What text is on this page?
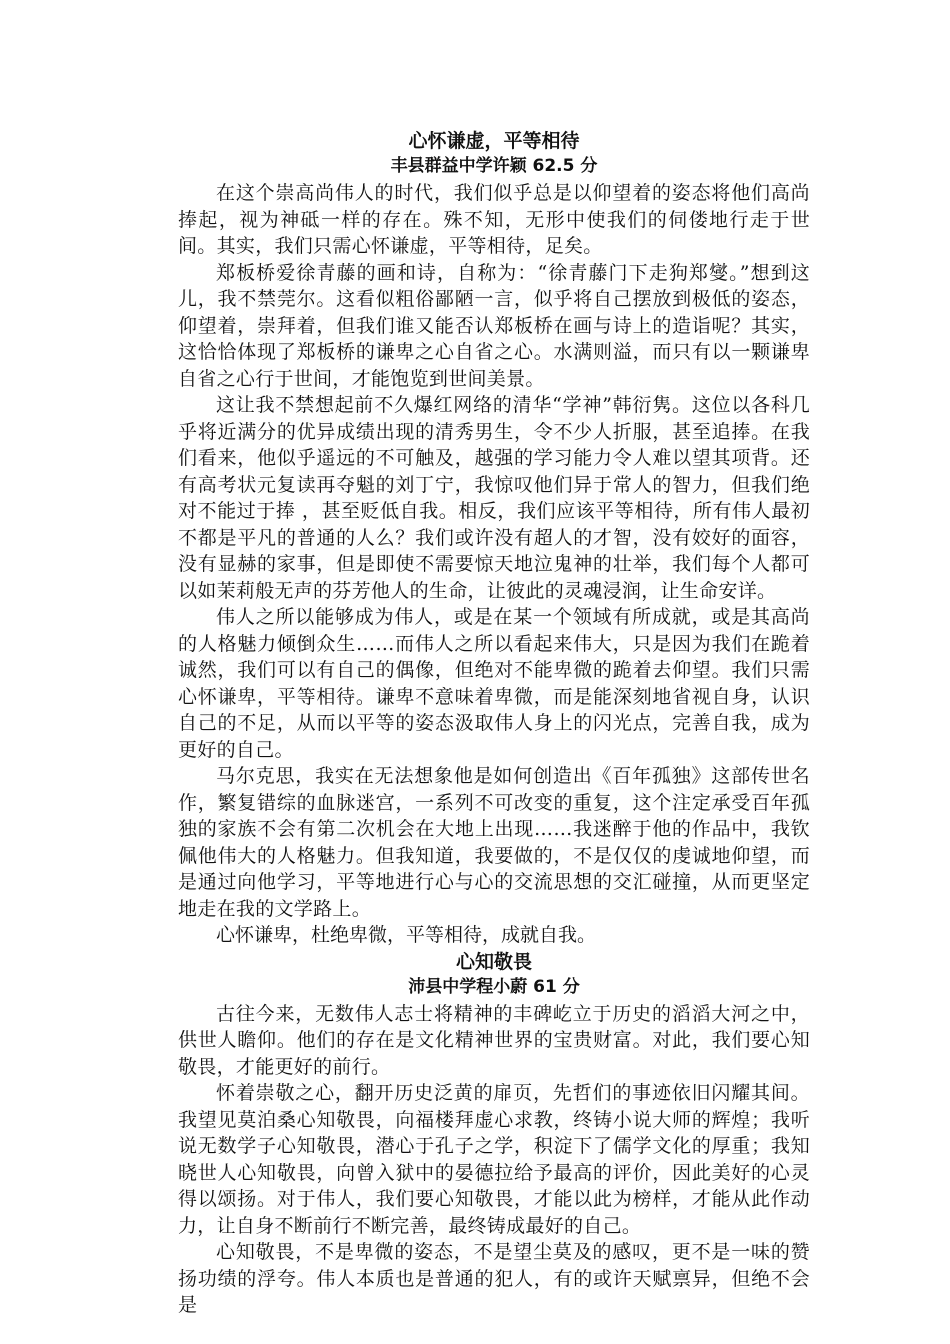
心怀谦虚，平等相待

丰县群益中学许颖 62.5 分

在这个崇高尚伟人的时代，我们似乎总是以仰望着的姿态将他们高尚捧起，视为神砥一样的存在。殊不知，无形中使我们的伺偻地行走于世间。其实，我们只需心怀谦虚，平等相待，足矣。

郑板桥爱徐青藤的画和诗，自称为：“徐青藤门下走狗郑燮。”想到这儿，我不禁莞尔。这看似粗俗鄙陋一言，似乎将自己摆放到极低的姿态，仰望着，崇拜着，但我们谁又能否认郑板桥在画与诗上的造诣呢？其实，这恰恰体现了郑板桥的谦卑之心自省之心。水满则溢，而只有以一颗谦卑自省之心行于世间，才能饱览到世间美景。

这让我不禁想起前不久爆红网络的清华“学神”韩衍隽。这位以各科几乎将近满分的优异成绩出现的清秀男生，令不少人折服，甚至追捧。在我们看来，他似乎遥远的不可触及，越强的学习能力令人难以望其项背。还有高考状元复读再夺魁的刘丁宁，我惊叹他们异于常人的智力，但我们绝对不能过于捧 ，甚至贬低自我。相反，我们应该平等相待，所有伟人最初不都是平凡的普通的人么？我们或许没有超人的才智，没有姣好的面容，没有显赫的家事，但是即使不需要惊天地泣鬼神的壮举，我们每个人都可以如茉莉般无声的芬芳他人的生命，让彼此的灵魂浸润，让生命安详。

伟人之所以能够成为伟人，或是在某一个领域有所成就，或是其高尚的人格魅力倾倒众生……而伟人之所以看起来伟大，只是因为我们在跪着诚然，我们可以有自己的偶像，但绝对不能卑微的跪着去仰望。我们只需心怀谦卑，平等相待。谦卑不意味着卑微，而是能深刻地省视自身，认识自己的不足，从而以平等的姿态汲取伟人身上的闪光点，完善自我，成为更好的自己。

马尔克思，我实在无法想象他是如何创造出《百年孤独》这部传世名作，繁复错综的血脉迷宫，一系列不可改变的重复，这个注定承受百年孤独的家族不会有第二次机会在大地上出现……我迷醉于他的作品中，我钦佩他伟大的人格魅力。但我知道，我要做的，不是仅仅的虔诚地仰望，而是通过向他学习，平等地进行心与心的交流思想的交汇碰撞，从而更坚定地走在我的文学路上。

心怀谦卑，杜绝卑微，平等相待，成就自我。

心知敬畏

沛县中学程小蔚 61 分

古往今来，无数伟人志士将精神的丰碑屹立于历史的滔滔大河之中，供世人瞻仰。他们的存在是文化精神世界的宝贵财富。对此，我们要心知敬畏，才能更好的前行。

怀着崇敬之心，翻开历史泛黄的扉页，先哲们的事迹依旧闪耀其间。我望见莫泊桑心知敬畏，向福楼拜虚心求教，终铸小说大师的辉煌；我听说无数学子心知敬畏，潜心于孔子之学，积淀下了儒学文化的厚重；我知晓世人心知敬畏，向曾入狱中的晏德拉给予最高的评价，因此美好的心灵得以颂扬。对于伟人，我们要心知敬畏，才能以此为榜样，才能从此作动力，让自身不断前行不断完善，最终铸成最好的自己。

心知敬畏，不是卑微的姿态，不是望尘莫及的感叹，更不是一味的赞扬功绩的浮夸。伟人本质也是普通的犯人，有的或许天赋禀异，但绝不会是
